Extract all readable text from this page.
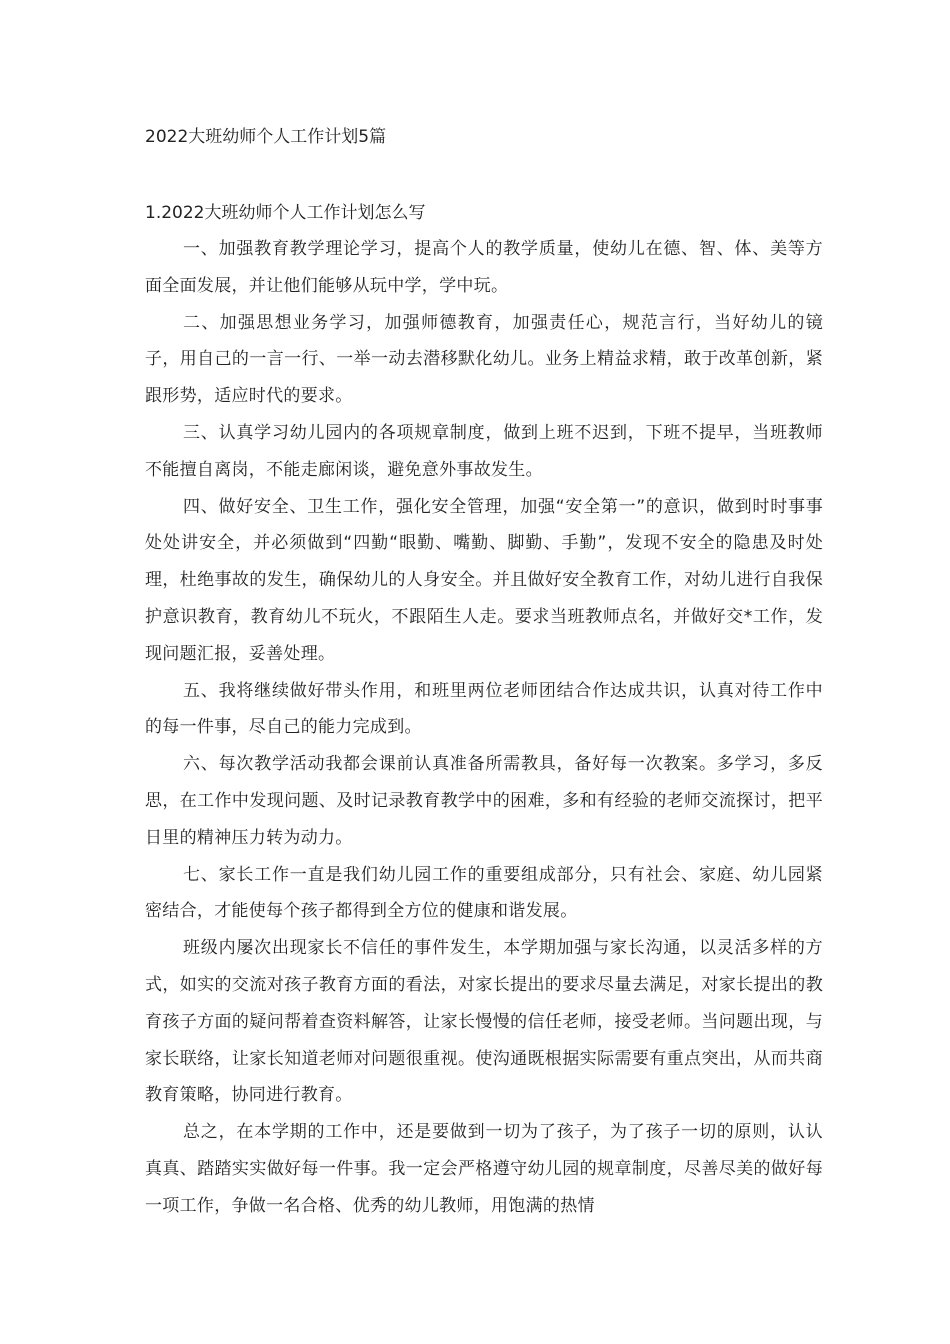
2022大班幼师个人工作计划5篇
1.2022大班幼师个人工作计划怎么写

一、加强教育教学理论学习，提高个人的教学质量，使幼儿在德、智、体、美等方面全面发展，并让他们能够从玩中学，学中玩。

二、加强思想业务学习，加强师德教育，加强责任心，规范言行，当好幼儿的镜子，用自己的一言一行、一举一动去潜移默化幼儿。业务上精益求精，敢于改革创新，紧跟形势，适应时代的要求。

三、认真学习幼儿园内的各项规章制度，做到上班不迟到，下班不提早，当班教师不能擅自离岗，不能走廊闲谈，避免意外事故发生。

四、做好安全、卫生工作，强化安全管理，加强“安全第一”的意识，做到时时事事处处讲安全，并必须做到“四勤“眼勤、嘴勤、脚勤、手勤”，发现不安全的隐患及时处理，杜绝事故的发生，确保幼儿的人身安全。并且做好安全教育工作，对幼儿进行自我保护意识教育，教育幼儿不玩火，不跟陌生人走。要求当班教师点名，并做好交*工作，发现问题汇报，妥善处理。

五、我将继续做好带头作用，和班里两位老师团结合作达成共识，认真对待工作中的每一件事，尽自己的能力完成到。

六、每次教学活动我都会课前认真准备所需教具，备好每一次教案。多学习，多反思，在工作中发现问题、及时记录教育教学中的困难，多和有经验的老师交流探讨，把平日里的精神压力转为动力。

七、家长工作一直是我们幼儿园工作的重要组成部分，只有社会、家庭、幼儿园紧密结合，才能使每个孩子都得到全方位的健康和谐发展。

班级内屡次出现家长不信任的事件发生，本学期加强与家长沟通，以灵活多样的方式，如实的交流对孩子教育方面的看法，对家长提出的要求尽量去满足，对家长提出的教育孩子方面的疑问帮着查资料解答，让家长慢慢的信任老师，接受老师。当问题出现，与家长联络，让家长知道老师对问题很重视。使沟通既根据实际需要有重点突出，从而共商教育策略，协同进行教育。

总之，在本学期的工作中，还是要做到一切为了孩子，为了孩子一切的原则，认认真真、踏踏实实做好每一件事。我一定会严格遵守幼儿园的规章制度，尽善尽美的做好每一项工作，争做一名合格、优秀的幼儿教师，用饱满的热情
